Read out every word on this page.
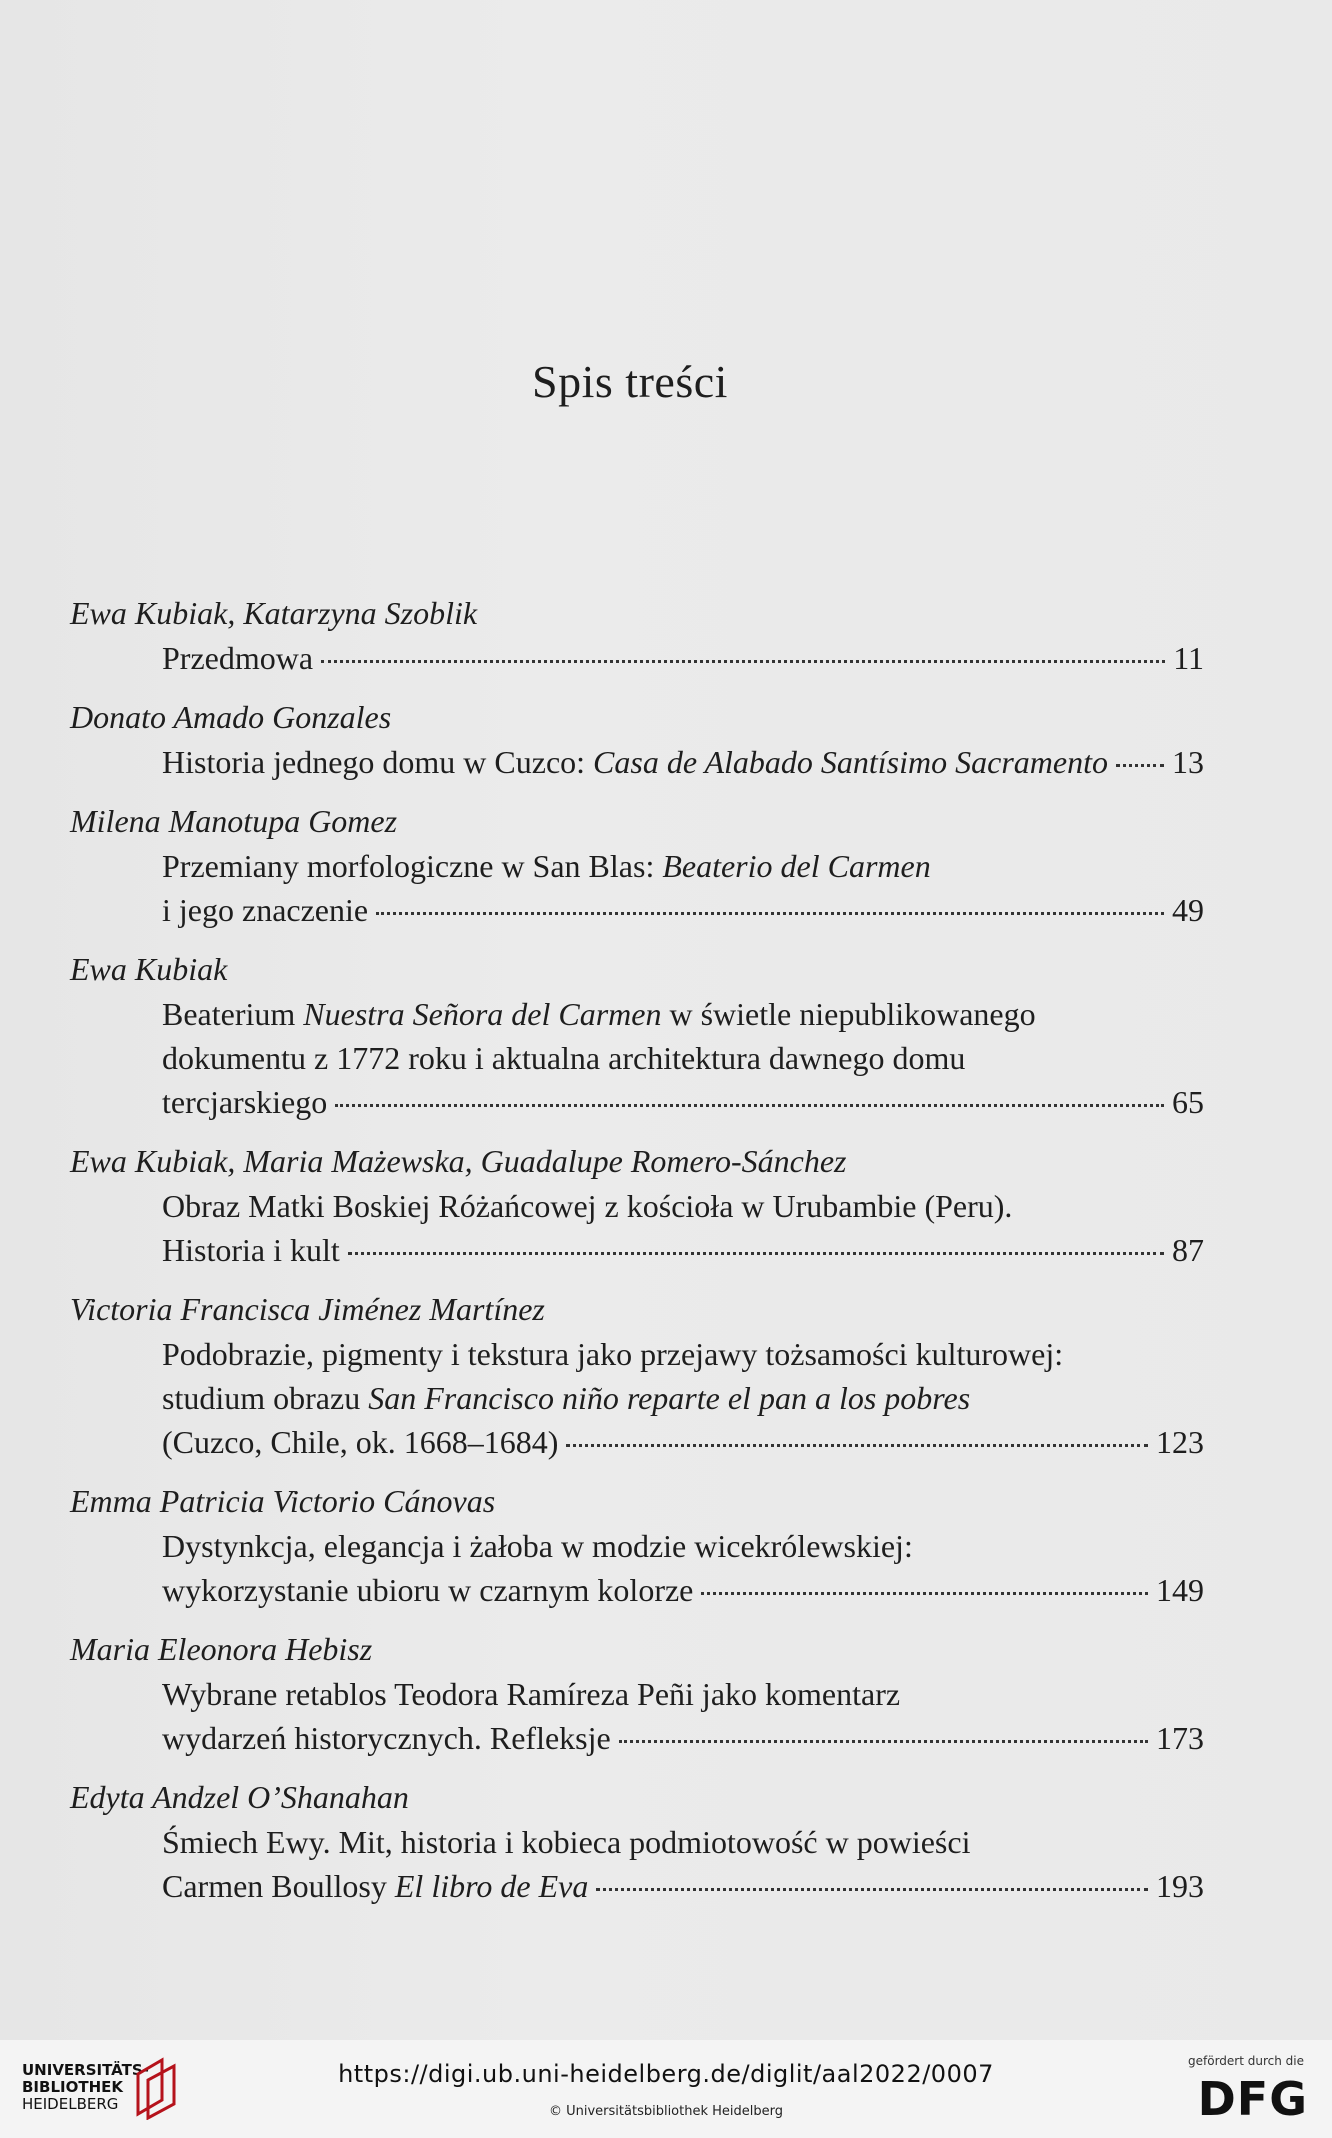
Spis treści
Ewa Kubiak, Katarzyna Szoblik
Przedmowa	11
Donato Amado Gonzales
Historia jednego domu w Cuzco: Casa de Alabado Santísimo Sacramento 13
Milena Manotupa Gomez
Przemiany morfologiczne w San Blas: Beaterio del Carmen
i jego znaczenie	49
Ewa Kubiak
Beaterium Nuestra Señora del Carmen w świetle niepublikowanego
dokumentu z 1772 roku i aktualna architektura dawnego domu
tercjarskiego	65
Ewa Kubiak, Maria Mażewska, Guadalupe Romero-Sánchez
Obraz Matki Boskiej Różańcowej z kościoła w Urubambie (Peru).
Historia i kult	87
Victoria Francisca Jiménez Martínez
Podobrazie, pigmenty i tekstura jako przejawy tożsamości kulturowej:
studium obrazu San Francisco niño reparte el pan a los pobres
(Cuzco, Chile, ok. 1668–1684)	123
Emma Patricia Victorio Cánovas
Dystynkcja, elegancja i żałoba w modzie wicekrólewskiej:
wykorzystanie ubioru w czarnym kolorze	149
Maria Eleonora Hebisz
Wybrane retablos Teodora Ramíreza Peñi jako komentarz
wydarzeń historycznych. Refleksje	173
Edyta Andzel O’Shanahan
Śmiech Ewy. Mit, historia i kobieca podmiotowość w powieści
Carmen Boullosy El libro de Eva	193
UNIVERSITÄTS-
BIBLIOTHEK
HEIDELBERG
https://digi.ub.uni-heidelberg.de/diglit/aal2022/0007
© Universitätsbibliothek Heidelberg
gefördert durch die
DFG
